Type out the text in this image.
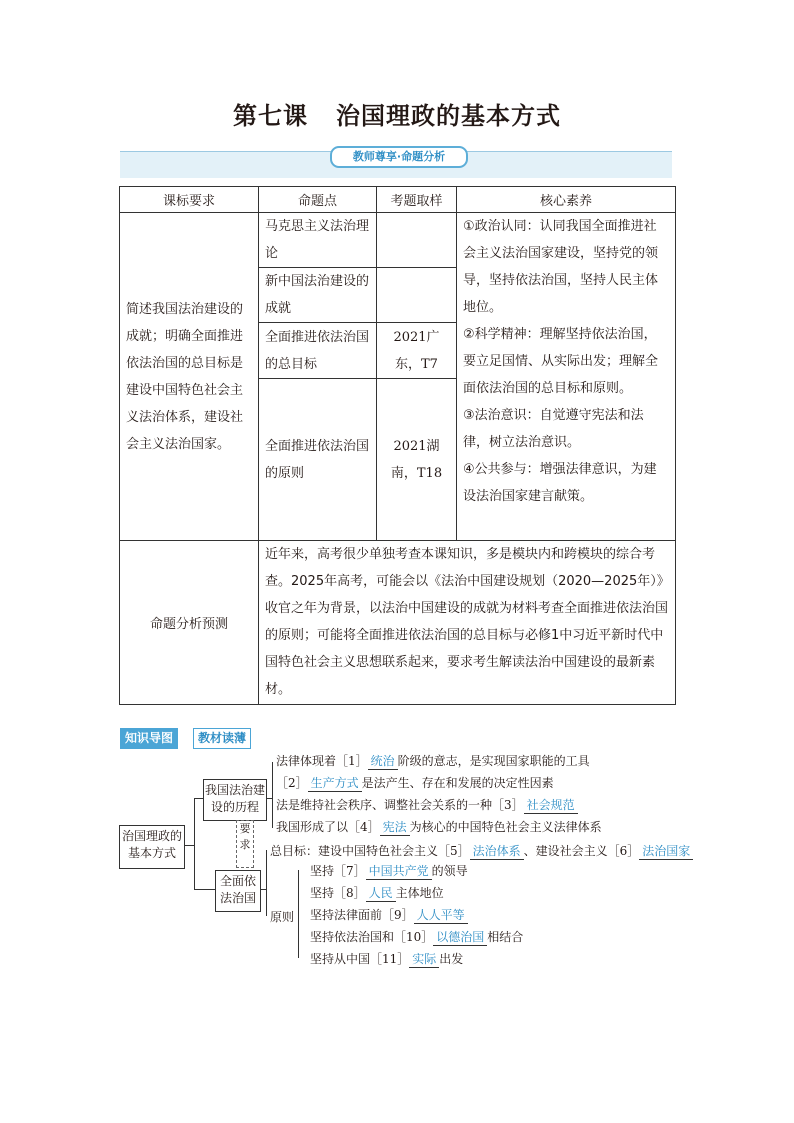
第七课 治国理政的基本方式
教师尊享·命题分析
课标要求	命题点	考题取样	核心素养
简述我国法治建设的成就；明确全面推进依法治国的总目标是建设中国特色社会主义法治体系，建设社会主义法治国家。	马克思主义法治理论		①政治认同：认同我国全面推进社会主义法治国家建设，坚持党的领导，坚持依法治国，坚持人民主体地位。
②科学精神：理解坚持依法治国，要立足国情、从实际出发；理解全面依法治国的总目标和原则。
③法治意识：自觉遵守宪法和法律，树立法治意识。
④公共参与：增强法律意识，为建设法治国家建言献策。

	新中国法治建设的成就		
	全面推进依法治国的总目标	2021广东，T7	
	全面推进依法治国的原则	2021湖南，T18	
命题分析预测	近年来，高考很少单独考查本课知识，多是模块内和跨模块的综合考查。2025年高考，可能会以《法治中国建设规划（2020—2025年）》收官之年为背景，以法治中国建设的成就为材料考查全面推进依法治国的原则；可能将全面推进依法治国的总目标与必修1中习近平新时代中国特色社会主义思想联系起来，要求考生解读法治中国建设的最新素材。		
知识导图	教材读薄
治国理政的基本方式
我国法治建设的历程
全面依法治国
要求
法律体现着［1］ 统治 阶级的意志，是实现国家职能的工具
［2］ 生产方式 是法产生、存在和发展的决定性因素
法是维持社会秩序、调整社会关系的一种［3］ 社会规范
我国形成了以［4］ 宪法 为核心的中国特色社会主义法律体系
总目标：建设中国特色社会主义［5］ 法治体系 、建设社会主义［6］ 法治国家
原则
坚持［7］ 中国共产党 的领导
坚持［8］ 人民 主体地位
坚持法律面前［9］ 人人平等
坚持依法治国和［10］ 以德治国 相结合
坚持从中国［11］ 实际 出发
